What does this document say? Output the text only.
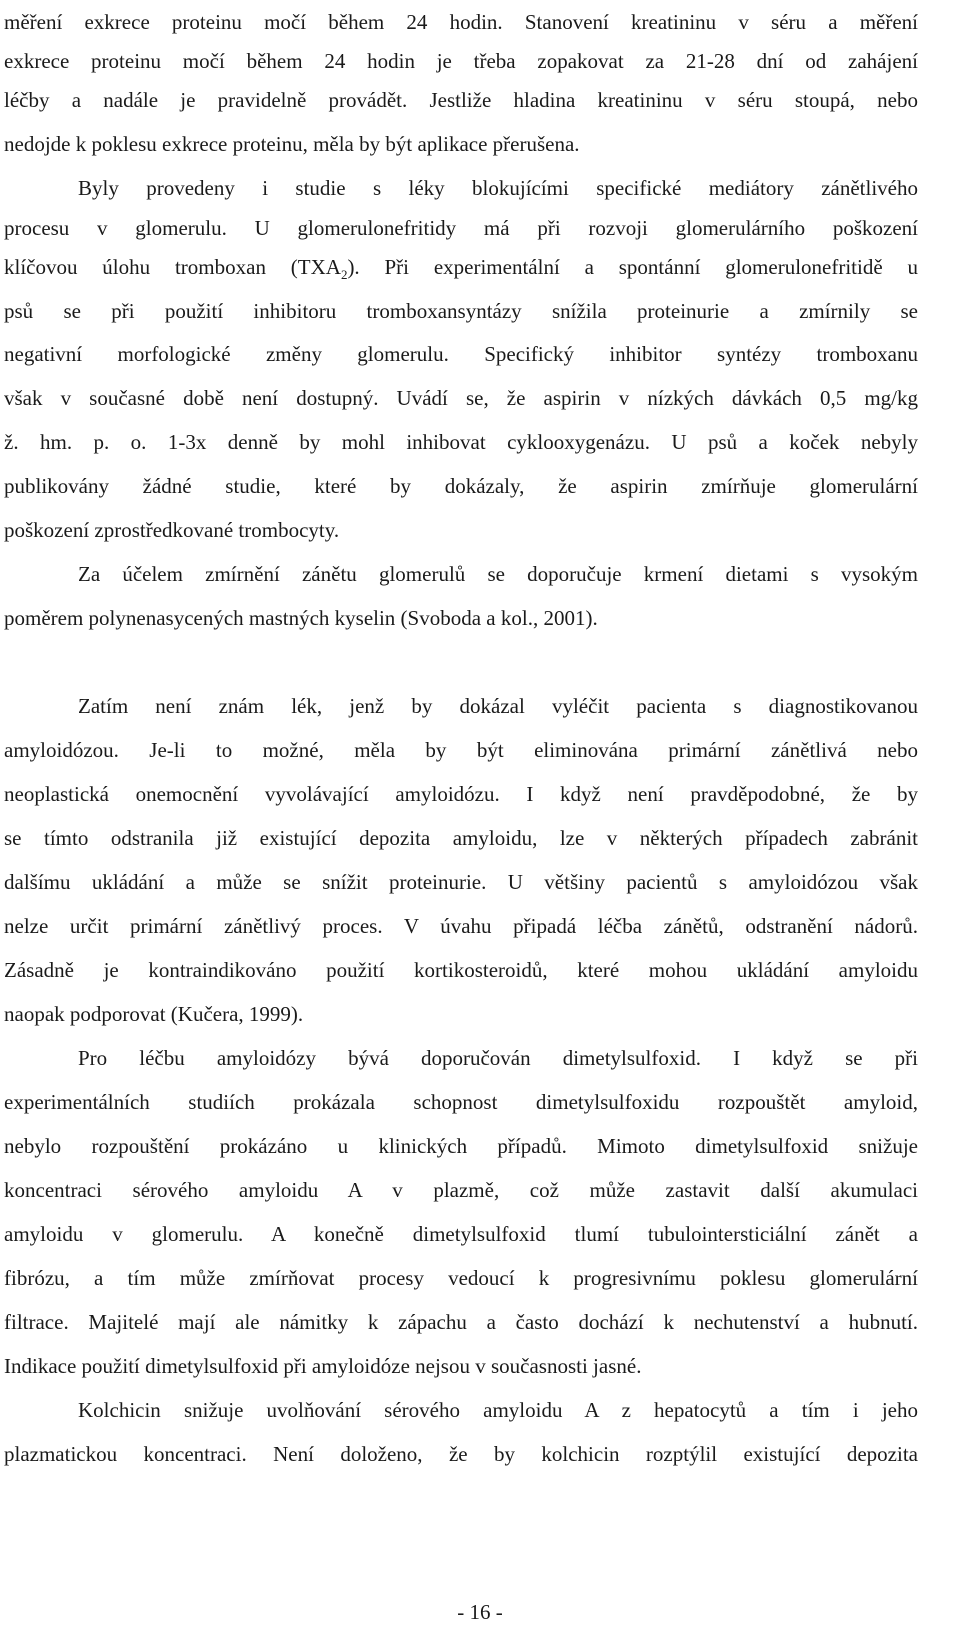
měření exkrece proteinu močí během 24 hodin. Stanovení kreatininu v séru a měření
exkrece proteinu močí během 24 hodin je třeba zopakovat za 21-28 dní od zahájení
léčby a nadále je pravidelně provádět. Jestliže hladina kreatininu v séru stoupá, nebo
nedojde k poklesu exkrece proteinu, měla by být aplikace přerušena.
Byly provedeny i studie s léky blokujícími specifické mediátory zánětlivého
procesu v glomerulu. U glomerulonefritidy má při rozvoji glomerulárního poškození
klíčovou úlohu tromboxan $(TXA_2)$. Při experimentální a spontánní glomerulonefritidě u
psů se při použití inhibitoru tromboxansyntázy snížila proteinurie a zmírnily se
negativní morfologické změny glomerulu. Specifický inhibitor syntézy tromboxanu
však v současné době není dostupný. Uvádí se, že aspirin v nízkých dávkách 0,5 mg/kg
ž. hm. p. o. 1-3x denně by mohl inhibovat cyklooxygenázu. U psů a koček nebyly
publikovány žádné studie, které by dokázaly, že aspirin zmírňuje glomerulární
poškození zprostředkované trombocyty.
Za účelem zmírnění zánětu glomerulů se doporučuje krmení dietami s vysokým
poměrem polynenasycených mastných kyselin (Svoboda a kol., 2001).
Zatím není znám lék, jenž by dokázal vyléčit pacienta s diagnostikovanou
amyloidózou. Je-li to možné, měla by být eliminována primární zánětlivá nebo
neoplastická onemocnění vyvolávající amyloidózu. I když není pravděpodobné, že by
se tímto odstranila již existující depozita amyloidu, lze v některých případech zabránit
dalšímu ukládání a může se snížit proteinurie. U většiny pacientů s amyloidózou však
nelze určit primární zánětlivý proces. V úvahu připadá léčba zánětů, odstranění nádorů.
Zásadně je kontraindikováno použití kortikosteroidů, které mohou ukládání amyloidu
naopak podporovat (Kučera, 1999).
Pro léčbu amyloidózy bývá doporučován dimetylsulfoxid. I když se při
experimentálních studiích prokázala schopnost dimetylsulfoxidu rozpouštět amyloid,
nebylo rozpouštění prokázáno u klinických případů. Mimoto dimetylsulfoxid snižuje
koncentraci sérového amyloidu A v plazmě, což může zastavit další akumulaci
amyloidu v glomerulu. A konečně dimetylsulfoxid tlumí tubulointersticiální zánět a
fibrózu, a tím může zmírňovat procesy vedoucí k progresivnímu poklesu glomerulární
filtrace. Majitelé mají ale námitky k zápachu a často dochází k nechutenství a hubnutí.
Indikace použití dimetylsulfoxid při amyloidóze nejsou v současnosti jasné.
Kolchicin snižuje uvolňování sérového amyloidu A z hepatocytů a tím i jeho
plazmatickou koncentraci. Není doloženo, že by kolchicin rozptýlil existující depozita
- 16 -
